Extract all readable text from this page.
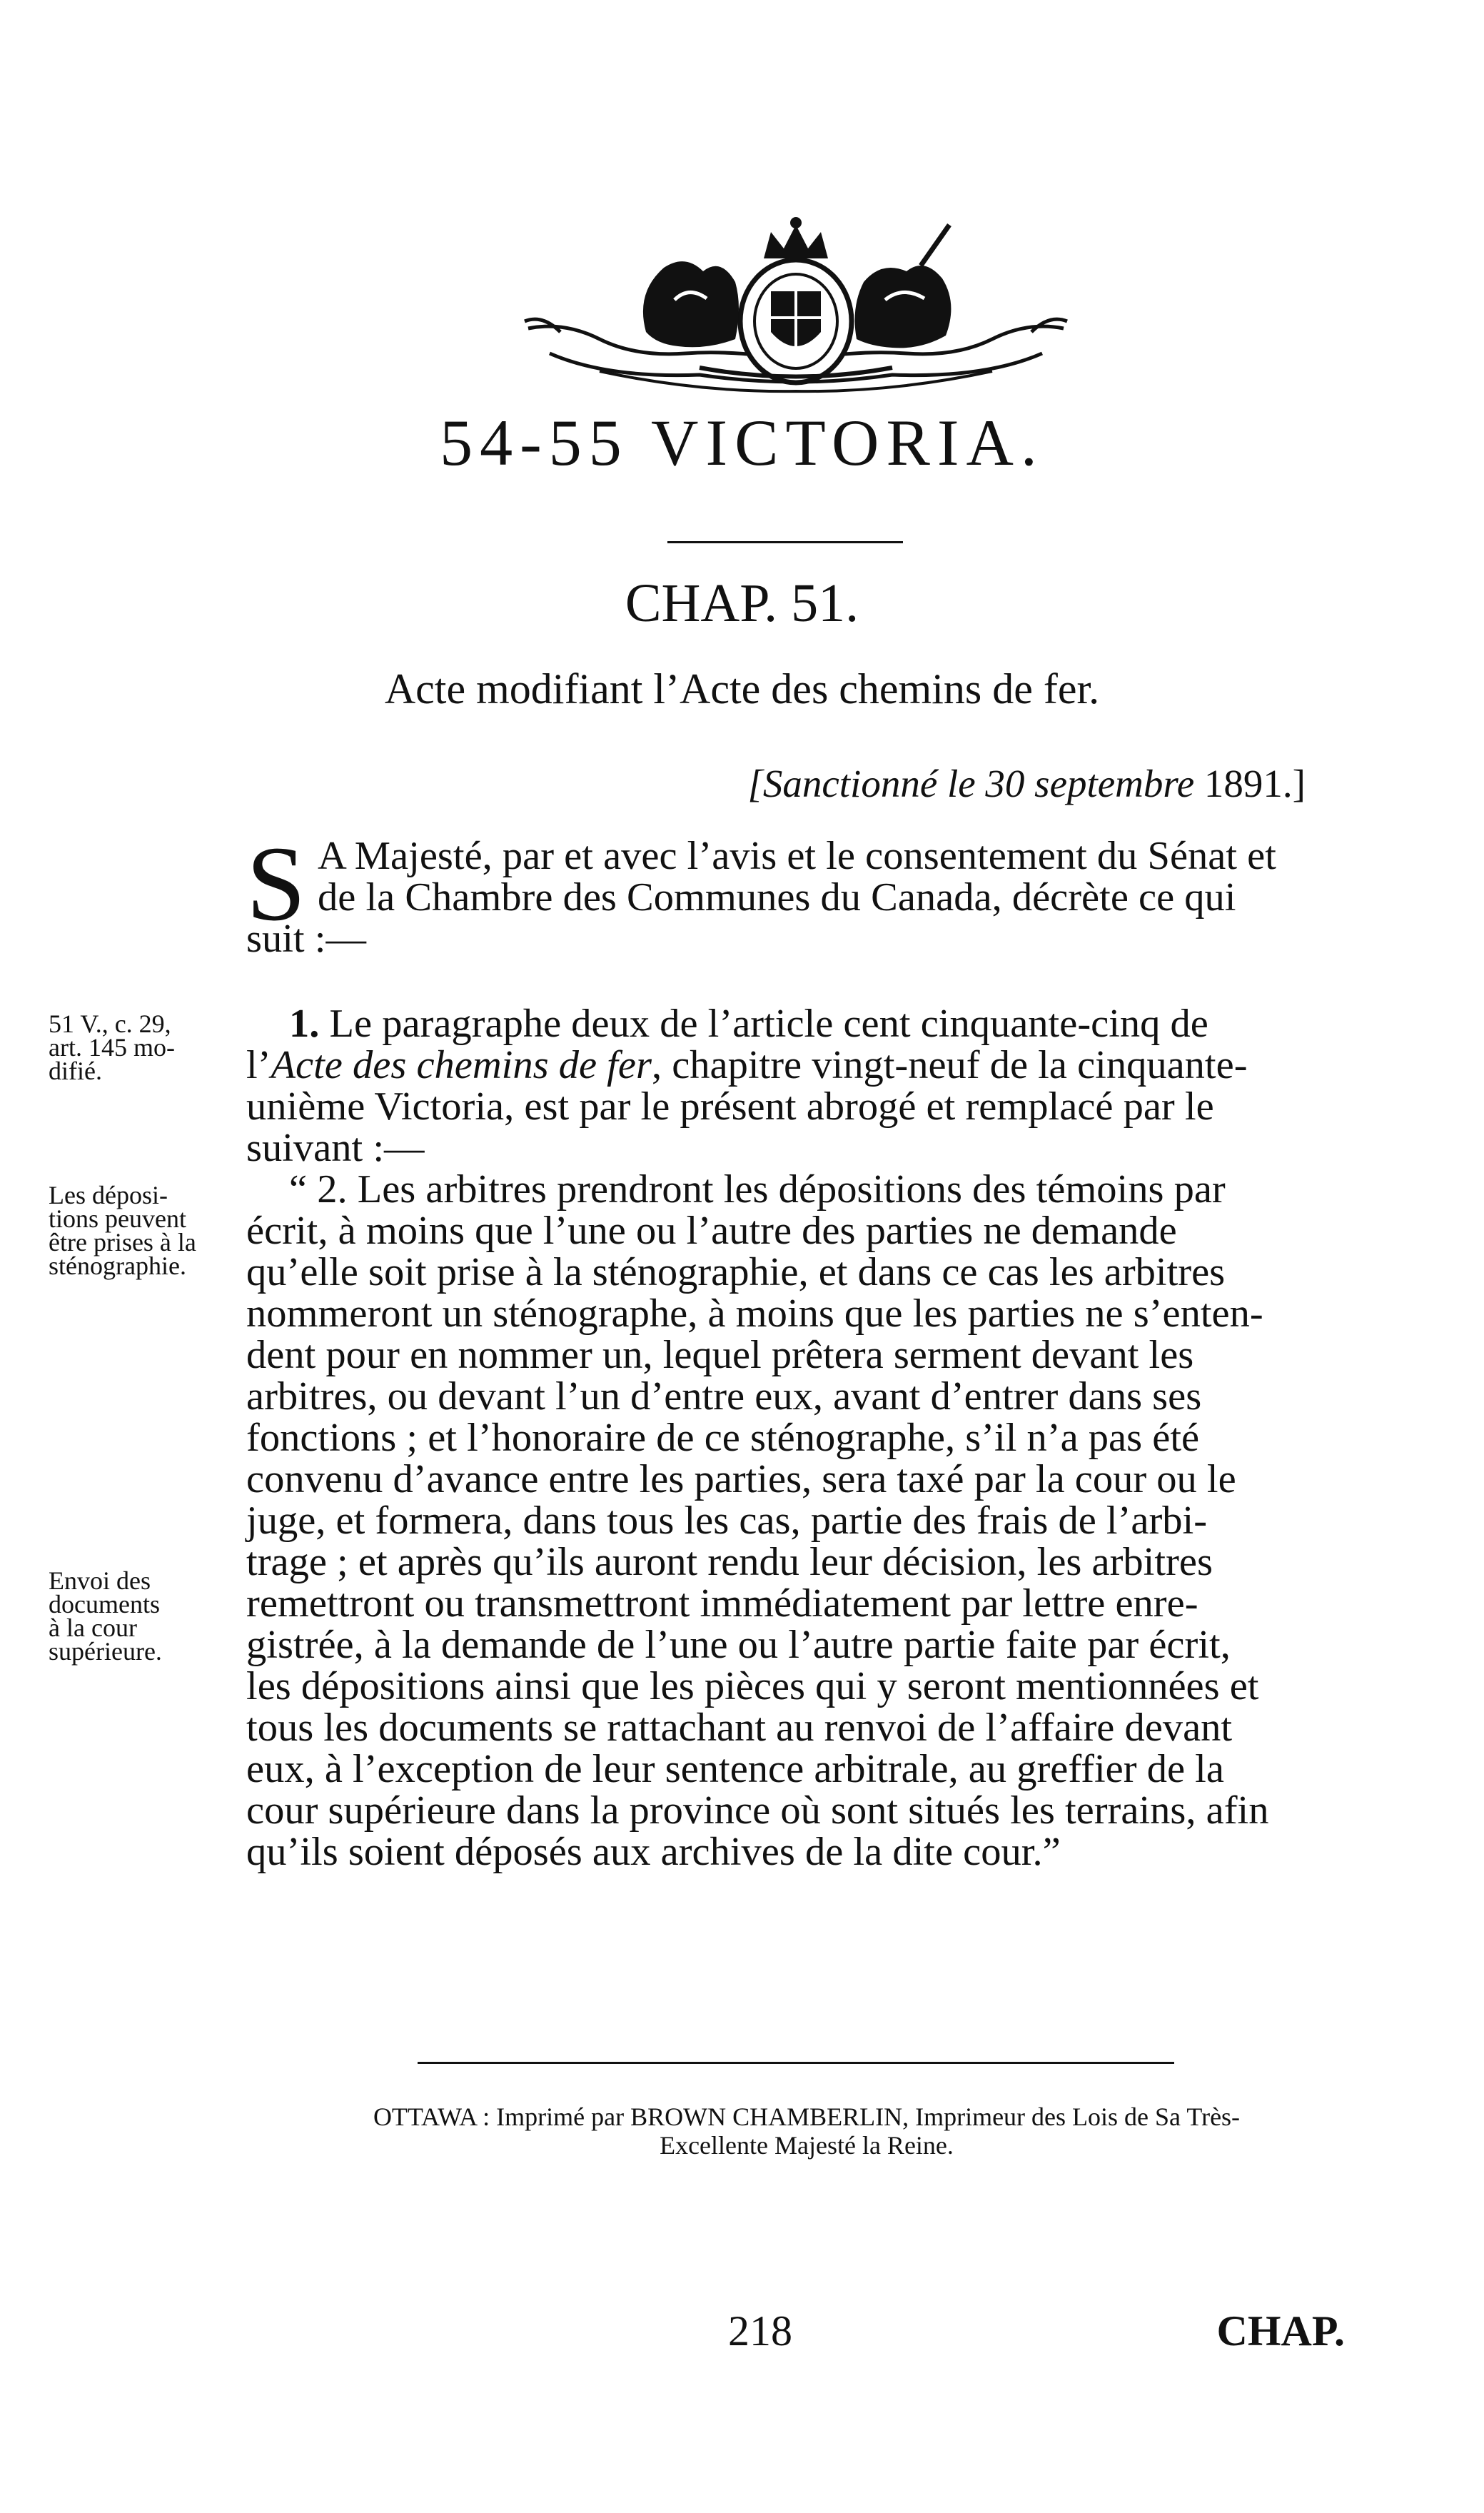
54-55 VICTORIA.
CHAP. 51.
Acte modifiant l’Acte des chemins de fer.
[Sanctionné le 30 septembre 1891.]
S A Majesté, par et avec l’avis et le consentement du Sénat et
de la Chambre des Communes du Canada, décrète ce qui
suit :—
51 V., c. 29,
art. 145 mo-
difié.
Les déposi-
tions peuvent
être prises à la
sténographie.
Envoi des
documents
à la cour
supérieure.
1. Le paragraphe deux de l’article cent cinquante-cinq de
l’Acte des chemins de fer, chapitre vingt-neuf de la cinquante-
unième Victoria, est par le présent abrogé et remplacé par le
suivant :—
“ 2. Les arbitres prendront les dépositions des témoins par
écrit, à moins que l’une ou l’autre des parties ne demande
qu’elle soit prise à la sténographie, et dans ce cas les arbitres
nommeront un sténographe, à moins que les parties ne s’enten-
dent pour en nommer un, lequel prêtera serment devant les
arbitres, ou devant l’un d’entre eux, avant d’entrer dans ses
fonctions ; et l’honoraire de ce sténographe, s’il n’a pas été
convenu d’avance entre les parties, sera taxé par la cour ou le
juge, et formera, dans tous les cas, partie des frais de l’arbi-
trage ; et après qu’ils auront rendu leur décision, les arbitres
remettront ou transmettront immédiatement par lettre enre-
gistrée, à la demande de l’une ou l’autre partie faite par écrit,
les dépositions ainsi que les pièces qui y seront mentionnées et
tous les documents se rattachant au renvoi de l’affaire devant
eux, à l’exception de leur sentence arbitrale, au greffier de la
cour supérieure dans la province où sont situés les terrains, afin
qu’ils soient déposés aux archives de la dite cour.”
OTTAWA : Imprimé par BROWN CHAMBERLIN, Imprimeur des Lois de Sa Très-
Excellente Majesté la Reine.
218	CHAP.
